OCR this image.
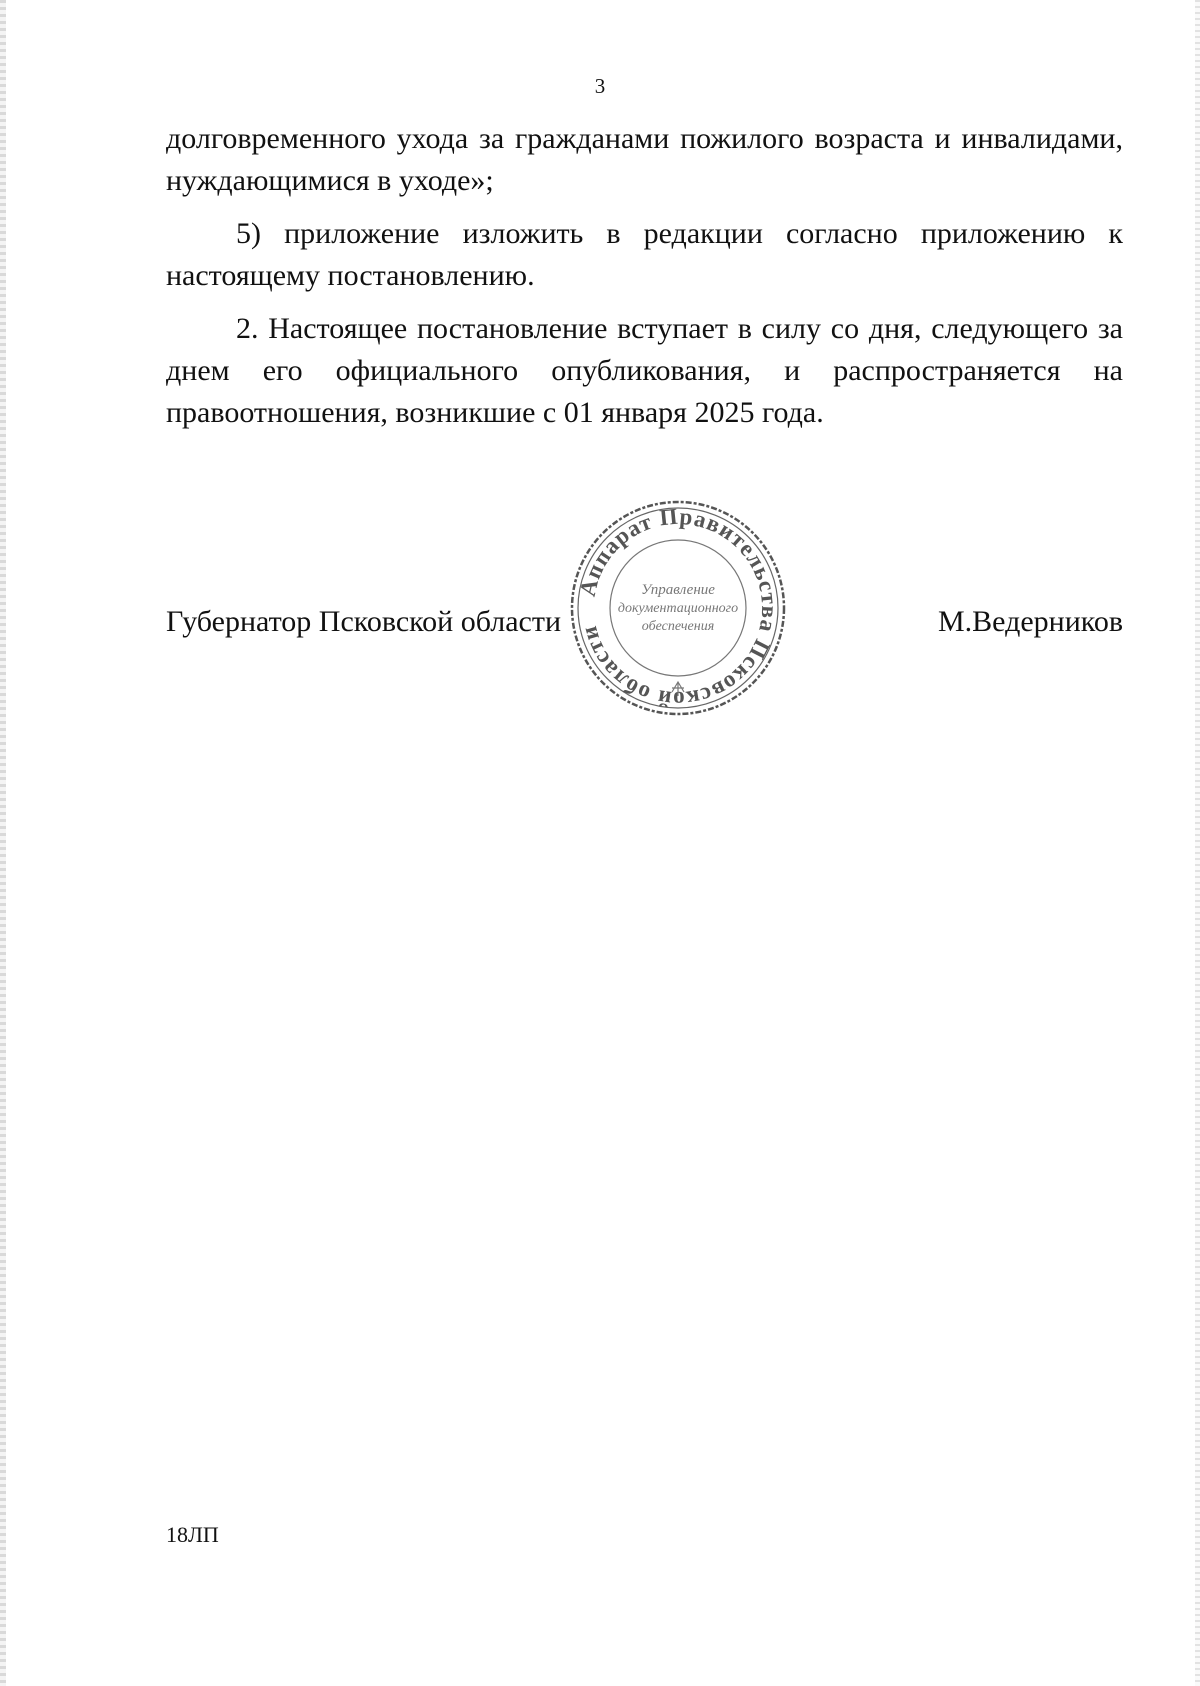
3

долговременного ухода за гражданами пожилого возраста и инвалидами, нуждающимися в уходе»;

5) приложение изложить в редакции согласно приложению к настоящему постановлению.

2. Настоящее постановление вступает в силу со дня, следующего за днем его официального опубликования, и распространяется на правоотношения, возникшие с 01 января 2025 года.

Аппарат Правительства Псковской области
Управление
документационного
обеспечения
Губернатор Псковской области	М.Ведерников
18ЛП
